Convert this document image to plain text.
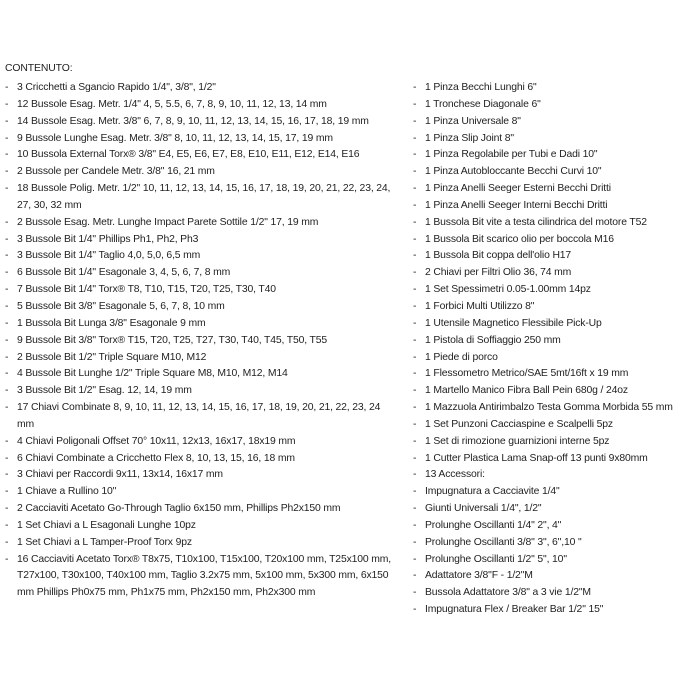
CONTENUTO:
- 3 Cricchetti a Sgancio Rapido 1/4", 3/8", 1/2"
- 12 Bussole Esag. Metr. 1/4" 4, 5, 5.5, 6, 7, 8, 9, 10, 11, 12, 13, 14 mm
- 14 Bussole Esag. Metr. 3/8" 6, 7, 8, 9, 10, 11, 12, 13, 14, 15, 16, 17, 18, 19 mm
- 9 Bussole Lunghe Esag. Metr. 3/8" 8, 10, 11, 12, 13, 14, 15, 17, 19 mm
- 10 Bussola External Torx® 3/8" E4, E5, E6, E7, E8, E10, E11, E12, E14, E16
- 2 Bussole per Candele Metr. 3/8" 16, 21 mm
- 18 Bussole Polig. Metr. 1/2" 10, 11, 12, 13, 14, 15, 16, 17, 18, 19, 20, 21, 22, 23, 24, 27, 30, 32 mm
- 2 Bussole Esag. Metr. Lunghe Impact Parete Sottile 1/2" 17, 19 mm
- 3 Bussole Bit 1/4" Phillips Ph1, Ph2, Ph3
- 3 Bussole Bit 1/4" Taglio 4,0, 5,0, 6,5 mm
- 6 Bussole Bit 1/4" Esagonale 3, 4, 5, 6, 7, 8 mm
- 7 Bussole Bit 1/4" Torx® T8, T10, T15, T20, T25, T30, T40
- 5 Bussole Bit 3/8" Esagonale 5, 6, 7, 8, 10 mm
- 1 Bussola Bit Lunga 3/8" Esagonale 9 mm
- 9 Bussole Bit 3/8" Torx® T15, T20, T25, T27, T30, T40, T45, T50, T55
- 2 Bussole Bit 1/2" Triple Square M10, M12
- 4 Bussole Bit Lunghe 1/2" Triple Square M8, M10, M12, M14
- 3 Bussole Bit 1/2" Esag. 12, 14, 19 mm
- 17 Chiavi Combinate 8, 9, 10, 11, 12, 13, 14, 15, 16, 17, 18, 19, 20, 21, 22, 23, 24 mm
- 4 Chiavi Poligonali Offset 70° 10x11, 12x13, 16x17, 18x19 mm
- 6 Chiavi Combinate a Cricchetto Flex 8, 10, 13, 15, 16, 18 mm
- 3 Chiavi per Raccordi 9x11, 13x14, 16x17 mm
- 1 Chiave a Rullino 10"
- 2 Cacciaviti Acetato Go-Through Taglio 6x150 mm, Phillips Ph2x150 mm
- 1 Set Chiavi a L Esagonali Lunghe 10pz
- 1 Set Chiavi a L Tamper-Proof Torx 9pz
- 16 Cacciaviti Acetato Torx® T8x75, T10x100, T15x100, T20x100 mm, T25x100 mm, T27x100, T30x100, T40x100 mm, Taglio 3.2x75 mm, 5x100 mm, 5x300 mm, 6x150 mm Phillips Ph0x75 mm, Ph1x75 mm, Ph2x150 mm, Ph2x300 mm
- 1 Pinza Becchi Lunghi 6"
- 1 Tronchese Diagonale 6"
- 1 Pinza Universale 8"
- 1 Pinza Slip Joint 8"
- 1 Pinza Regolabile per Tubi e Dadi 10"
- 1 Pinza Autobloccante Becchi Curvi 10"
- 1 Pinza Anelli Seeger Esterni Becchi Dritti
- 1 Pinza Anelli Seeger Interni Becchi Dritti
- 1 Bussola Bit vite a testa cilindrica del motore T52
- 1 Bussola Bit scarico olio per boccola M16
- 1 Bussola Bit coppa dell'olio H17
- 2 Chiavi per Filtri Olio 36, 74 mm
- 1 Set Spessimetri 0.05-1.00mm 14pz
- 1 Forbici Multi Utilizzo 8"
- 1 Utensile Magnetico Flessibile Pick-Up
- 1 Pistola di Soffiaggio 250 mm
- 1 Piede di porco
- 1 Flessometro Metrico/SAE 5mt/16ft x 19 mm
- 1 Martello Manico Fibra Ball Pein 680g / 24oz
- 1 Mazzuola Antirimbalzo Testa Gomma Morbida 55 mm
- 1 Set Punzoni Cacciaspine e Scalpelli 5pz
- 1 Set di rimozione guarnizioni interne 5pz
- 1 Cutter Plastica Lama Snap-off 13 punti 9x80mm
- 13 Accessori:
- Impugnatura a Cacciavite 1/4"
- Giunti Universali 1/4", 1/2"
- Prolunghe Oscillanti 1/4" 2", 4"
- Prolunghe Oscillanti 3/8" 3", 6",10 "
- Prolunghe Oscillanti 1/2" 5", 10"
- Adattatore 3/8"F - 1/2"M
- Bussola Adattatore 3/8" a 3 vie 1/2"M
- Impugnatura Flex / Breaker Bar 1/2" 15"
